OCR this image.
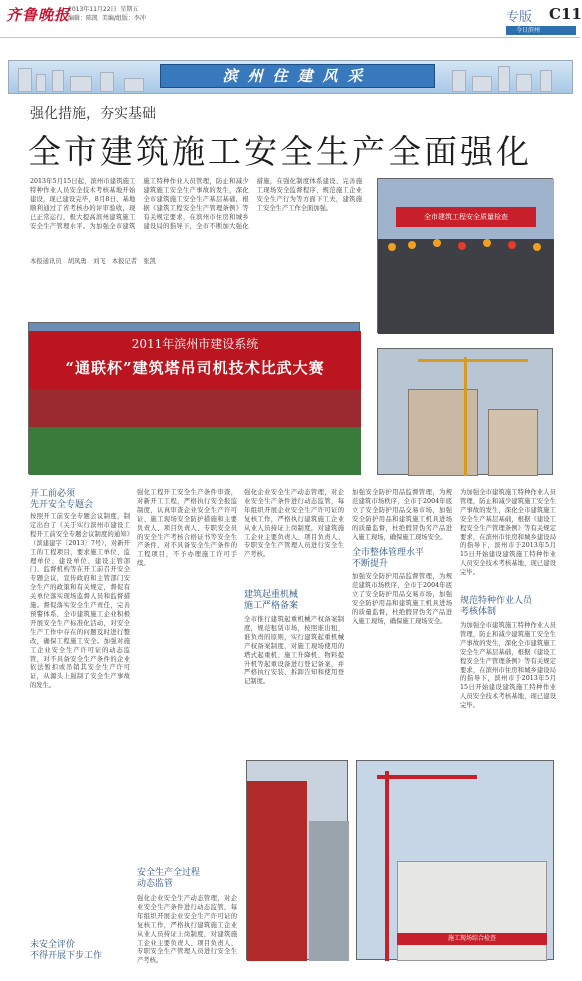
齐鲁晚报
2013年11月22日 星期五
编辑：陈凯 美编/组版：李冲	专版 C11
今日滨州
滨州住建风采
强化措施，夯实基础
全市建筑施工安全生产全面强化
2013年5月15日起，滨州市建筑施工特种作业人员安全技术考核基地开始建设，现已建设完毕，8月8日，基地顺利通过了省考核办的评审验收，现已正常运行，极大提高滨州建筑施工安全生产管理水平。为加强全市建筑施工特种作业人员管理，防止和减少建筑施工安全生产事故的发生，深化全市建筑施工安全生产基层基础，根据《建筑工程安全生产管理条例》等有关规定要求，在滨州市住房和城乡建设局的指导下，全市不断加大强化措施，在强化制度体系建设、完善施工现场安全监督程序、规范施工企业安全生产行为等方面下工夫，建筑施工安全生产工作全面加强。
本报通讯员　胡凤勇　刘飞　本报记者　张凯
全市建筑工程安全质量检查
2011年滨州市建设系统
“通联杯”建筑塔吊司机技术比武大赛
开工前必须
先开安全专题会
按照开工前安全专题会议制度，制定出台了《关于实行滨州市建设工程开工前安全专题会议制度的通知》（滨建建字〔2013〕7号），对新开工的工程项目，要求施工单位、监理单位、建设单位、建设主管部门、监督机构等在开工前召开安全专题会议，宣传政府和主管部门安全生产的政策和有关规定，督促有关单位落实现场监督人员和监督措施。督促落实安全生产责任，完善预警体系，全市建筑施工企业积极开展安全生产标准化活动，对安全生产工作中存在的问题及时进行整改，确保工程施工安全。加强对施工企业安全生产许可证的动态监管，对不具备安全生产条件的企业依法暂扣或吊销其安全生产许可证，从源头上遏制了安全生产事故的发生。
未安全评价
不得开展下步工作
强化工程开工安全生产条件审查，对新开工工程，严格执行安全报监制度，认真审查企业安全生产许可证、施工现场安全防护措施和主要负责人、项目负责人、专职安全员的安全生产考核合格证书等安全生产条件，对不具备安全生产条件的工程项目，不予办理施工许可手续。
安全生产全过程
动态监管
强化企业安全生产动态管理，对企业安全生产条件进行动态监管，每年组织开展企业安全生产许可证的复核工作，严格执行建筑施工企业从业人员持证上岗制度，对建筑施工企业主要负责人、项目负责人、专职安全生产管理人员进行安全生产考核。
强化企业安全生产动态管理，对企业安全生产条件进行动态监管，每年组织开展企业安全生产许可证的复核工作，严格执行建筑施工企业从业人员持证上岗制度，对建筑施工企业主要负责人、项目负责人、专职安全生产管理人员进行安全生产考核。
建筑起重机械
施工严格备案
全市推行建筑起重机械产权备案制度，规范租赁市场，按照谁出租、谁负责的原则，实行建筑起重机械产权备案制度，对施工现场使用的塔式起重机、施工升降机、物料提升机等起重设备进行登记备案，并严格执行安装、拆卸告知和使用登记制度。
加强安全防护用品监督管理，为规范建筑市场秩序，全市于2004年底立了安全防护用品交易市场，加强安全防护用品和建筑施工机具进场的质量监督，杜绝假冒伪劣产品进入施工现场，确保施工现场安全。
全市整体管理水平
不断提升
加强安全防护用品监督管理，为规范建筑市场秩序，全市于2004年底立了安全防护用品交易市场，加强安全防护用品和建筑施工机具进场的质量监督，杜绝假冒伪劣产品进入施工现场，确保施工现场安全。
为加强全市建筑施工特种作业人员管理，防止和减少建筑施工安全生产事故的发生，深化全市建筑施工安全生产基层基础，根据《建设工程安全生产管理条例》等有关规定要求，在滨州市住房和城乡建设局的指导下，滨州市于2013年5月15日开始建设建筑施工特种作业人员安全技术考核基地，现已建设完毕。
规范特种作业人员
考核体制
为加强全市建筑施工特种作业人员管理，防止和减少建筑施工安全生产事故的发生，深化全市建筑施工安全生产基层基础，根据《建设工程安全生产管理条例》等有关规定要求，在滨州市住房和城乡建设局的指导下，滨州市于2013年5月15日开始建设建筑施工特种作业人员安全技术考核基地，现已建设完毕。
施工现场综合检查
